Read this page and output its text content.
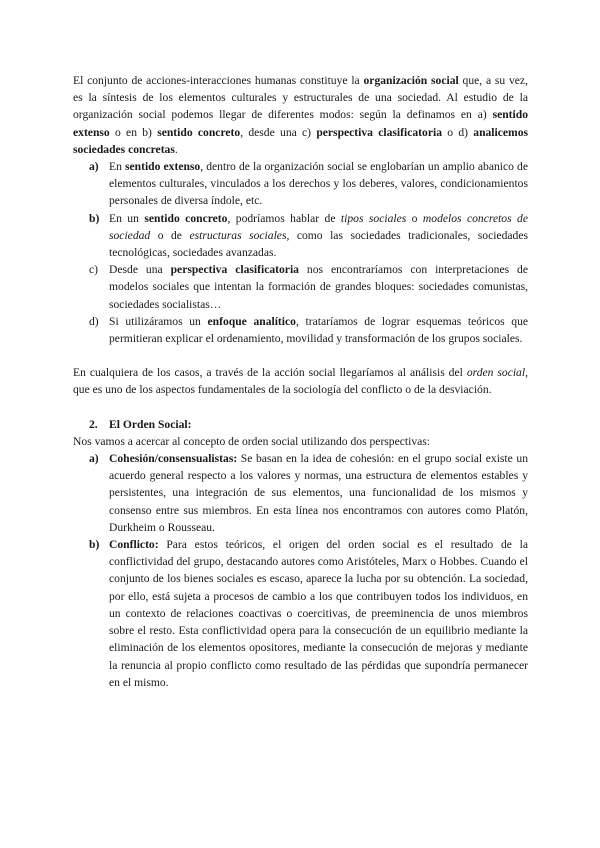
El conjunto de acciones-interacciones humanas constituye la organización social que, a su vez, es la síntesis de los elementos culturales y estructurales de una sociedad. Al estudio de la organización social podemos llegar de diferentes modos: según la definamos en a) sentido extenso o en b) sentido concreto, desde una c) perspectiva clasificatoria o d) analicemos sociedades concretas.

a) En sentido extenso, dentro de la organización social se englobarían un amplio abanico de elementos culturales, vinculados a los derechos y los deberes, valores, condicionamientos personales de diversa índole, etc.
b) En un sentido concreto, podríamos hablar de tipos sociales o modelos concretos de sociedad o de estructuras sociales, como las sociedades tradicionales, sociedades tecnológicas, sociedades avanzadas.
c) Desde una perspectiva clasificatoria nos encontraríamos con interpretaciones de modelos sociales que intentan la formación de grandes bloques: sociedades comunistas, sociedades socialistas…
d) Si utilizáramos un enfoque analítico, trataríamos de lograr esquemas teóricos que permitieran explicar el ordenamiento, movilidad y transformación de los grupos sociales.

En cualquiera de los casos, a través de la acción social llegaríamos al análisis del orden social, que es uno de los aspectos fundamentales de la sociología del conflicto o de la desviación.

2. El Orden Social:

Nos vamos a acercar al concepto de orden social utilizando dos perspectivas:

a) Cohesión/consensualistas: Se basan en la idea de cohesión: en el grupo social existe un acuerdo general respecto a los valores y normas, una estructura de elementos estables y persistentes, una integración de sus elementos, una funcionalidad de los mismos y consenso entre sus miembros. En esta línea nos encontramos con autores como Platón, Durkheim o Rousseau.
b) Conflicto: Para estos teóricos, el origen del orden social es el resultado de la conflictividad del grupo, destacando autores como Aristóteles, Marx o Hobbes. Cuando el conjunto de los bienes sociales es escaso, aparece la lucha por su obtención. La sociedad, por ello, está sujeta a procesos de cambio a los que contribuyen todos los individuos, en un contexto de relaciones coactivas o coercitivas, de preeminencia de unos miembros sobre el resto. Esta conflictividad opera para la consecución de un equilibrio mediante la eliminación de los elementos opositores, mediante la consecución de mejoras y mediante la renuncia al propio conflicto como resultado de las pérdidas que supondría permanecer en el mismo.
